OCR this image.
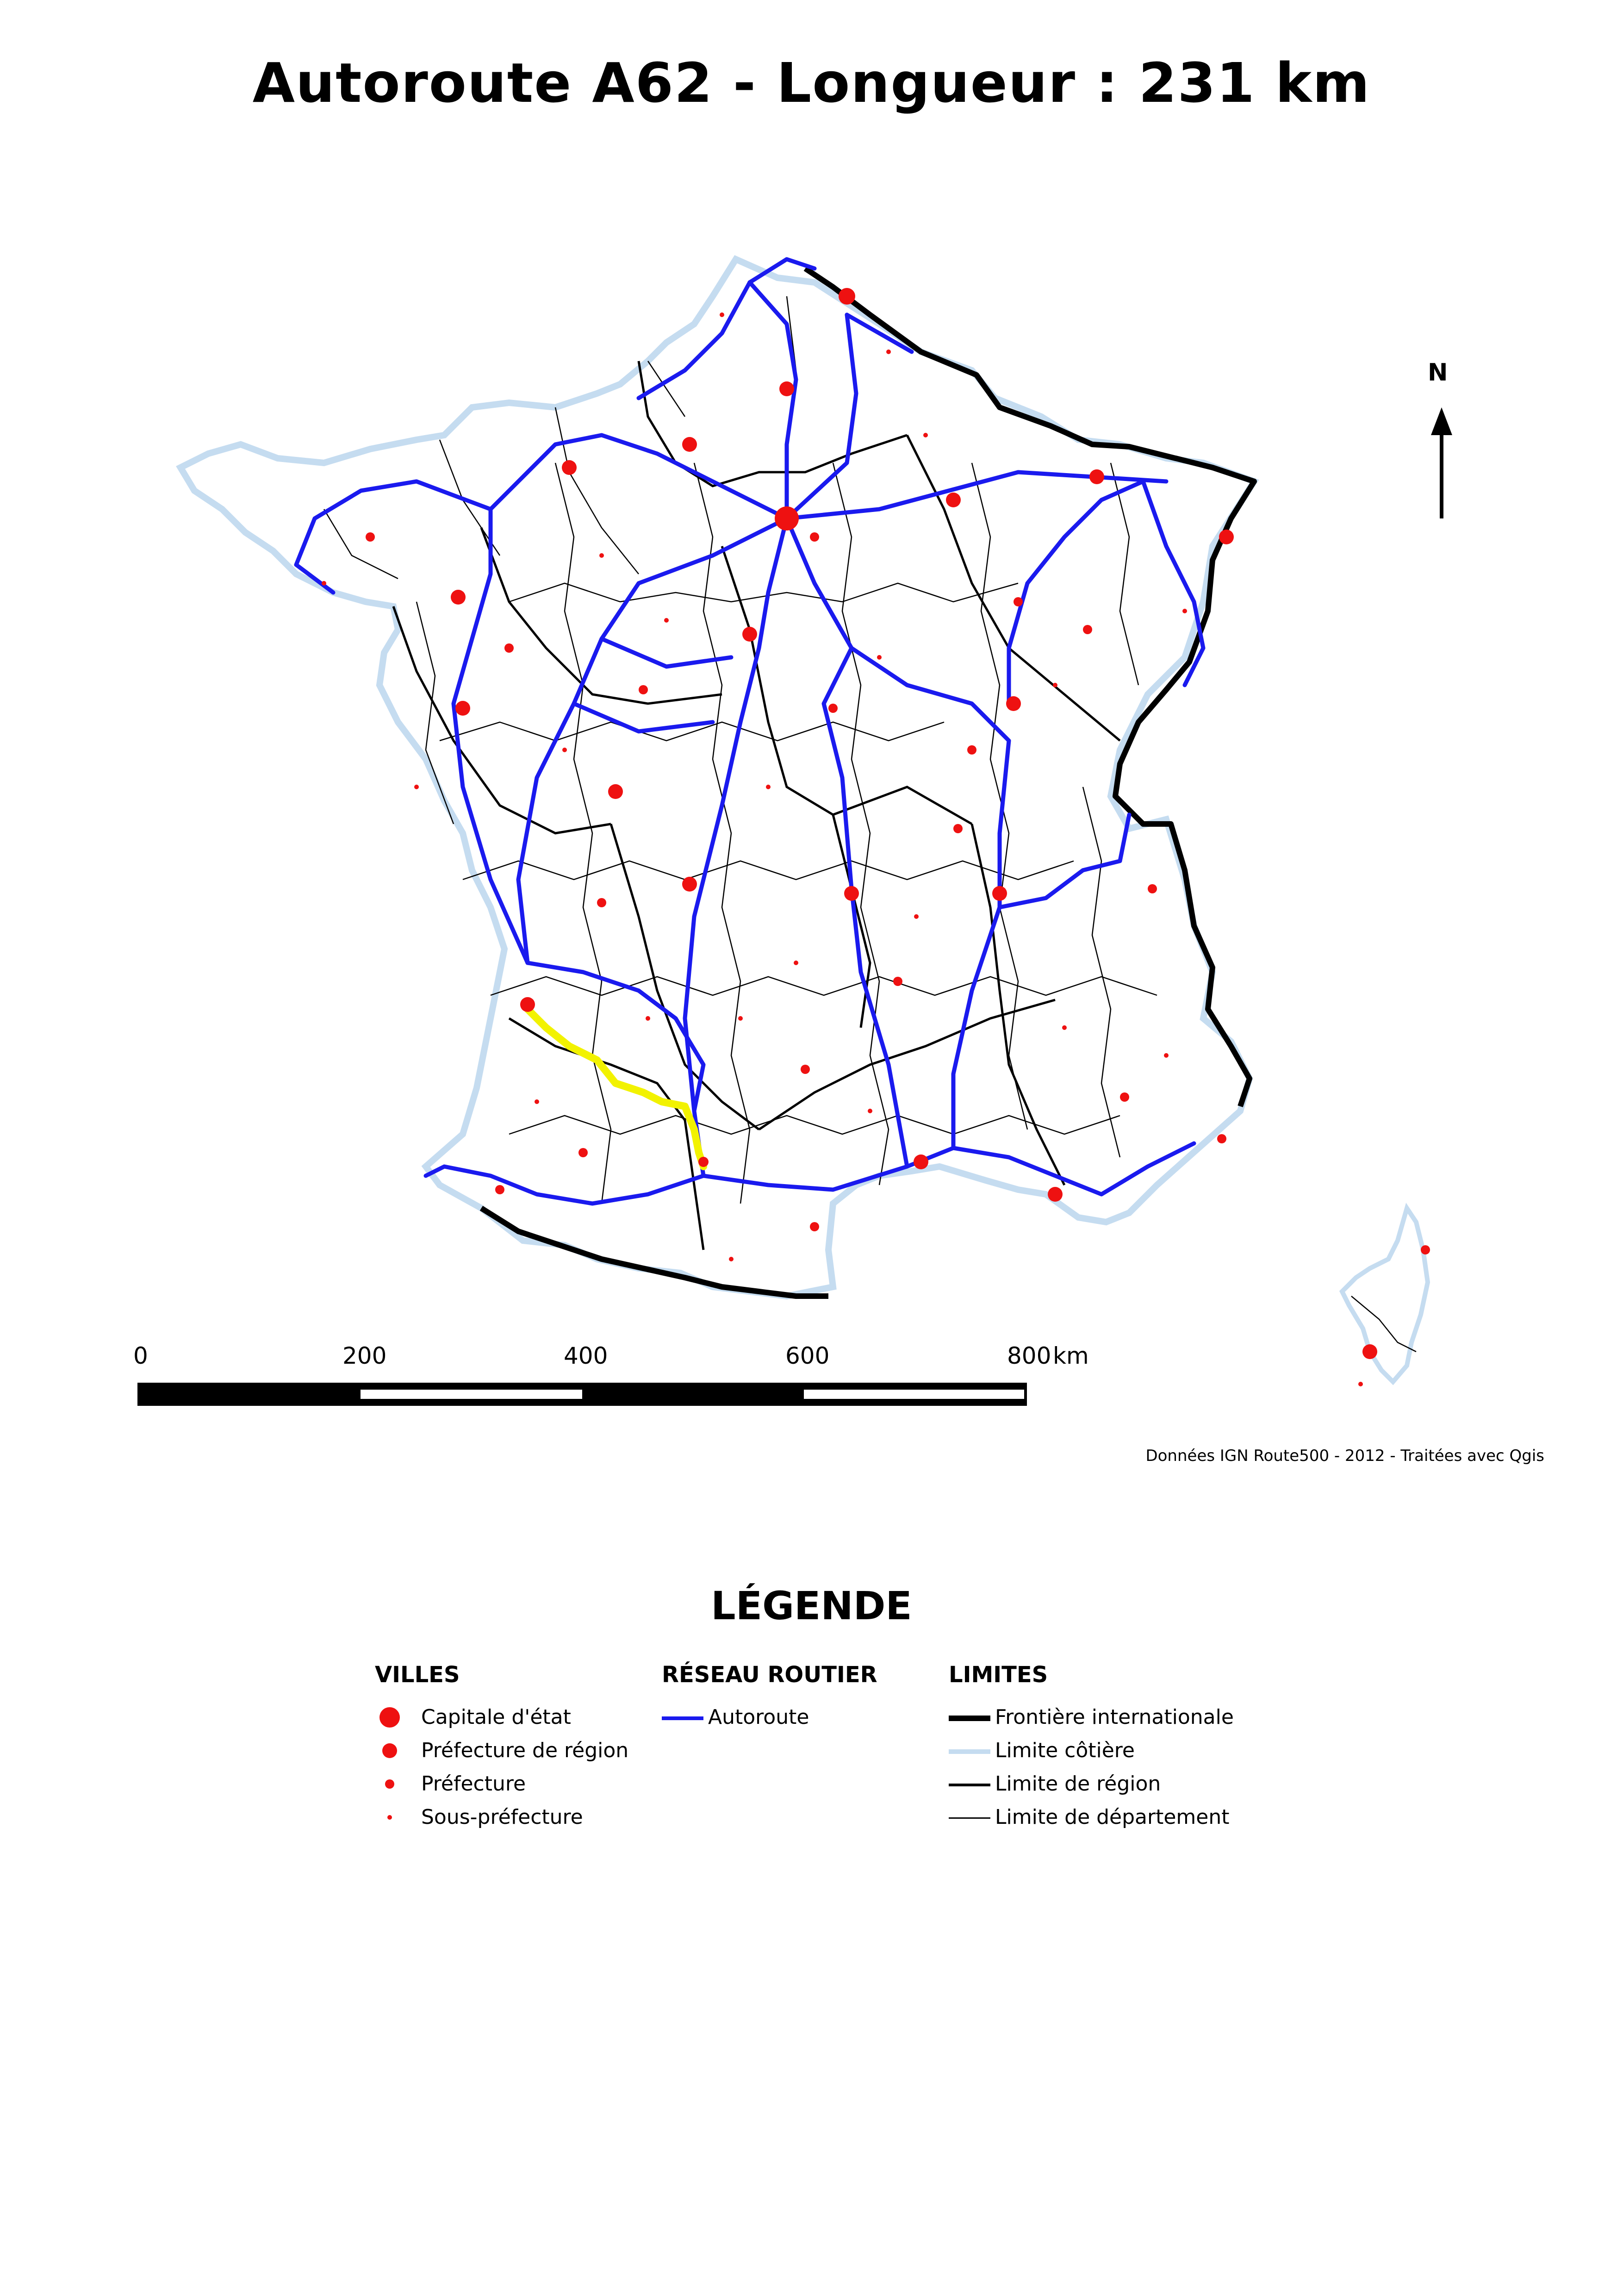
Autoroute A62 - Longueur : 231 km
N
0	200	400	600	800 km
Données IGN Route500 - 2012 - Traitées avec Qgis
LÉGENDE
VILLES
Capitale d'état
Préfecture de région
Préfecture
Sous-préfecture
RÉSEAU ROUTIER
Autoroute
LIMITES
Frontière internationale
Limite côtière
Limite de région
Limite de département
